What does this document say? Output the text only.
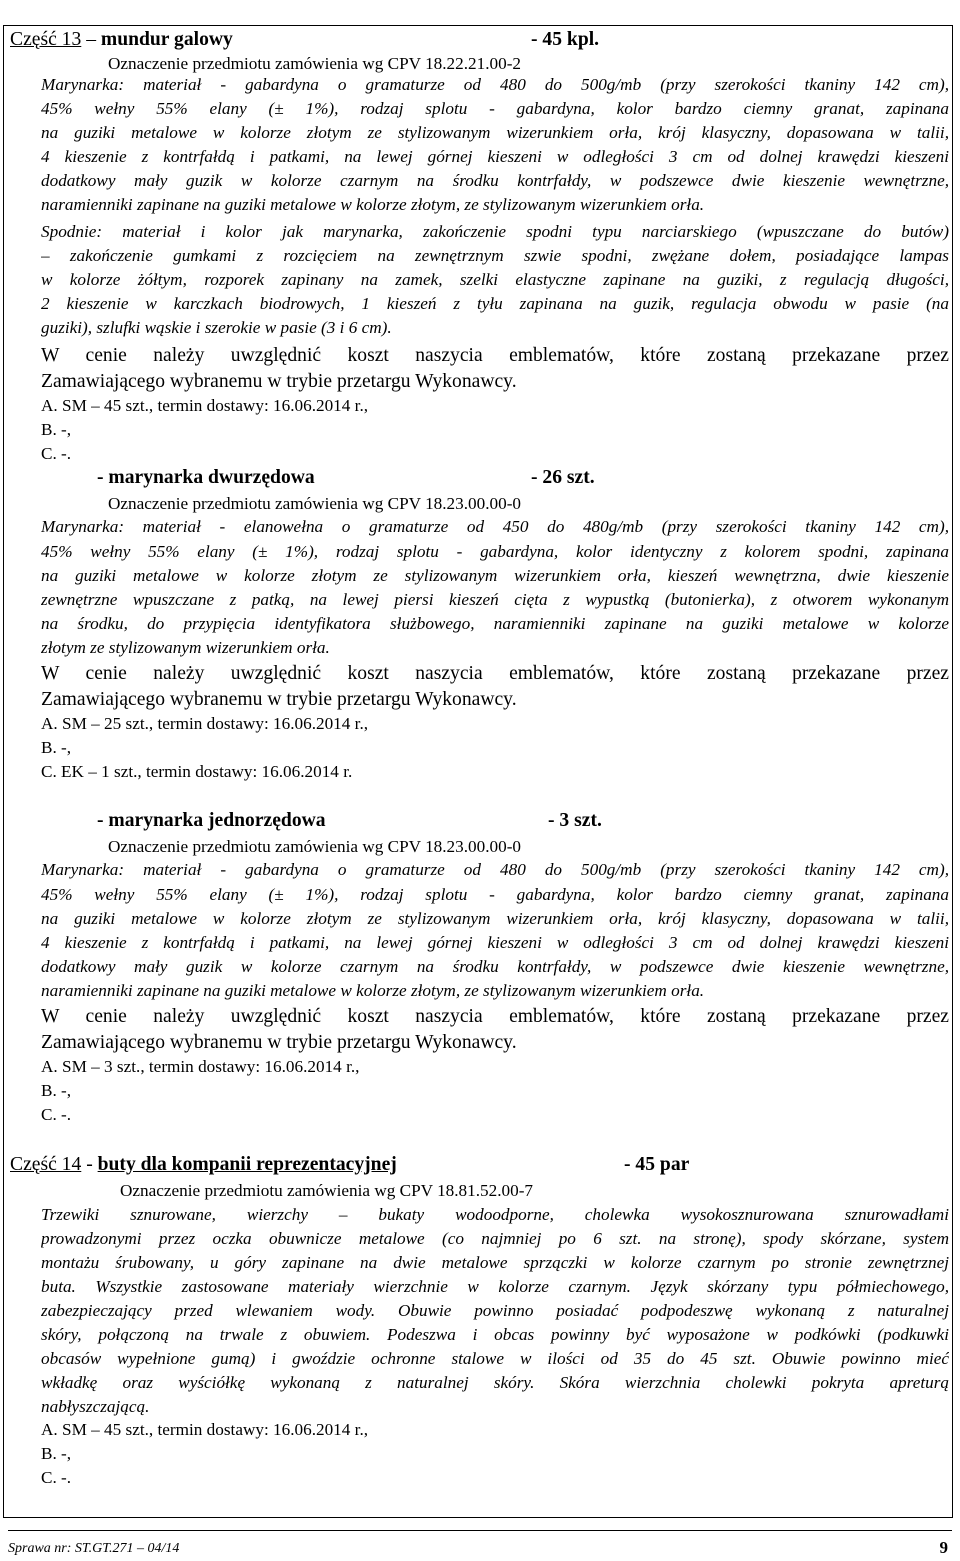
Część 13 – mundur galowy	- 45 kpl.

Oznaczenie przedmiotu zamówienia wg CPV 18.22.21.00-2

Marynarka: materiał - gabardyna o gramaturze od 480 do 500g/mb (przy szerokości tkaniny 142 cm),

45% wełny 55% elany (± 1%), rodzaj splotu - gabardyna, kolor bardzo ciemny granat, zapinana

na guziki metalowe w kolorze złotym ze stylizowanym wizerunkiem orła, krój klasyczny, dopasowana w talii,

4 kieszenie z kontrfałdą i patkami, na lewej górnej kieszeni w odległości 3 cm od dolnej krawędzi kieszeni

dodatkowy mały guzik w kolorze czarnym na środku kontrfałdy, w podszewce dwie kieszenie wewnętrzne,

naramienniki zapinane na guziki metalowe w kolorze złotym, ze stylizowanym wizerunkiem orła.

Spodnie: materiał i kolor jak marynarka, zakończenie spodni typu narciarskiego (wpuszczane do butów)

– zakończenie gumkami z rozcięciem na zewnętrznym szwie spodni, zwężane dołem, posiadające lampas

w kolorze żółtym, rozporek zapinany na zamek, szelki elastyczne zapinane na guziki, z regulacją długości,

2 kieszenie w karczkach biodrowych, 1 kieszeń z tyłu zapinana na guzik, regulacja obwodu w pasie (na

guziki), szlufki wąskie i szerokie w pasie (3 i 6 cm).

W cenie należy uwzględnić koszt naszycia emblematów, które zostaną przekazane przez

Zamawiającego wybranemu w trybie przetargu Wykonawcy.

A. SM – 45 szt., termin dostawy: 16.06.2014 r.,

B. -,

C. -.

- marynarka dwurzędowa	- 26 szt.

Oznaczenie przedmiotu zamówienia wg CPV 18.23.00.00-0

Marynarka: materiał - elanowełna o gramaturze od 450 do 480g/mb (przy szerokości tkaniny 142 cm),

45% wełny 55% elany (± 1%), rodzaj splotu - gabardyna, kolor identyczny z kolorem spodni, zapinana

na guziki metalowe w kolorze złotym ze stylizowanym wizerunkiem orła, kieszeń wewnętrzna, dwie kieszenie

zewnętrzne wpuszczane z patką, na lewej piersi kieszeń cięta z wypustką (butonierka), z otworem wykonanym

na środku, do przypięcia identyfikatora służbowego, naramienniki zapinane na guziki metalowe w kolorze

złotym ze stylizowanym wizerunkiem orła.

W cenie należy uwzględnić koszt naszycia emblematów, które zostaną przekazane przez

Zamawiającego wybranemu w trybie przetargu Wykonawcy.

A. SM – 25 szt., termin dostawy: 16.06.2014 r.,

B. -,

C. EK – 1 szt., termin dostawy: 16.06.2014 r.

- marynarka jednorzędowa	- 3 szt.

Oznaczenie przedmiotu zamówienia wg CPV 18.23.00.00-0

Marynarka: materiał - gabardyna o gramaturze od 480 do 500g/mb (przy szerokości tkaniny 142 cm),

45% wełny 55% elany (± 1%), rodzaj splotu - gabardyna, kolor bardzo ciemny granat, zapinana

na guziki metalowe w kolorze złotym ze stylizowanym wizerunkiem orła, krój klasyczny, dopasowana w talii,

4 kieszenie z kontrfałdą i patkami, na lewej górnej kieszeni w odległości 3 cm od dolnej krawędzi kieszeni

dodatkowy mały guzik w kolorze czarnym na środku kontrfałdy, w podszewce dwie kieszenie wewnętrzne,

naramienniki zapinane na guziki metalowe w kolorze złotym, ze stylizowanym wizerunkiem orła.

W cenie należy uwzględnić koszt naszycia emblematów, które zostaną przekazane przez

Zamawiającego wybranemu w trybie przetargu Wykonawcy.

A. SM – 3 szt., termin dostawy: 16.06.2014 r.,

B. -,

C. -.

Część 14 - buty dla kompanii reprezentacyjnej	- 45 par

Oznaczenie przedmiotu zamówienia wg CPV 18.81.52.00-7

Trzewiki sznurowane, wierzchy – bukaty wodoodporne, cholewka wysokosznurowana sznurowadłami

prowadzonymi przez oczka obuwnicze metalowe (co najmniej po 6 szt. na stronę), spody skórzane, system

montażu śrubowany, u góry zapinane na dwie metalowe sprzączki w kolorze czarnym po stronie zewnętrznej

buta. Wszystkie zastosowane materiały wierzchnie w kolorze czarnym. Język skórzany typu półmiechowego,

zabezpieczający przed wlewaniem wody. Obuwie powinno posiadać podpodeszwę wykonaną z naturalnej

skóry, połączoną na trwale z obuwiem. Podeszwa i obcas powinny być wyposażone w podkówki (podkuwki

obcasów wypełnione gumą) i gwoździe ochronne stalowe w ilości od 35 do 45 szt. Obuwie powinno mieć

wkładkę oraz wyściółkę wykonaną z naturalnej skóry. Skóra wierzchnia cholewki pokryta apreturą

nabłyszczającą.

A. SM – 45 szt., termin dostawy: 16.06.2014 r.,

B. -,

C. -.

Sprawa nr: ST.GT.271 – 04/14	9
